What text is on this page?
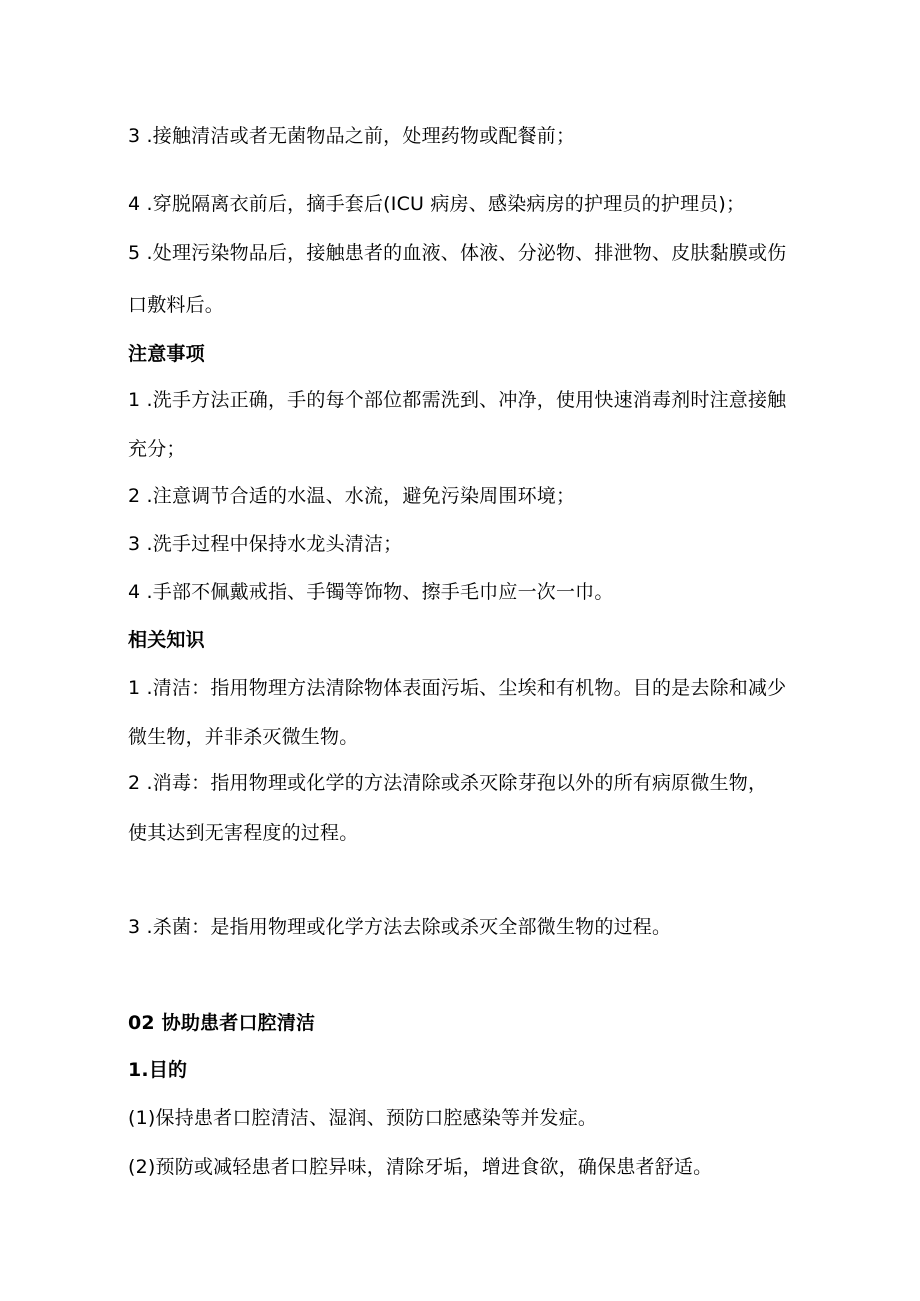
3 .接触清洁或者无菌物品之前，处理药物或配餐前；
4 .穿脱隔离衣前后，摘手套后(ICU 病房、感染病房的护理员的护理员)；
5 .处理污染物品后，接触患者的血液、体液、分泌物、排泄物、皮肤黏膜或伤
口敷料后。
注意事项
1 .洗手方法正确，手的每个部位都需洗到、冲净，使用快速消毒剂时注意接触
充分；
2 .注意调节合适的水温、水流，避免污染周围环境；
3 .洗手过程中保持水龙头清洁；
4 .手部不佩戴戒指、手镯等饰物、擦手毛巾应一次一巾。
相关知识
1 .清洁：指用物理方法清除物体表面污垢、尘埃和有机物。目的是去除和减少
微生物，并非杀灭微生物。
2 .消毒：指用物理或化学的方法清除或杀灭除芽孢以外的所有病原微生物，
使其达到无害程度的过程。
3 .杀菌：是指用物理或化学方法去除或杀灭全部微生物的过程。
02 协助患者口腔清洁
1.目的
(1)保持患者口腔清洁、湿润、预防口腔感染等并发症。
(2)预防或减轻患者口腔异味，清除牙垢，增进食欲，确保患者舒适。
